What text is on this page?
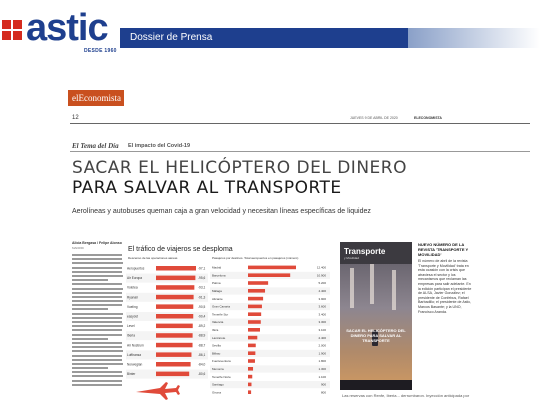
astic
DESDE 1960
Dossier de Prensa
elEconomista
12	JUEVES 9 DE ABRIL DE 2020	ELECONOMISTA
El Tema del Día El impacto del Covid-19
SACAR EL HELICÓPTERO DEL DINERO
PARA SALVAR AL TRANSPORTE
Aerolíneas y autobuses queman caja a gran velocidad y necesitan líneas específicas de liquidez
Alicia Bergasa / Felipe Alonso
MADRID	El tráfico de viajeros se desploma
Descenso de las operaciones aéreas	Pasajeros por destinos. Total aeropuertos en pasajeros (número)
Aeropuertos	-97,1
Air Europa	-95,6
Volotea	-93,1
Ryanair	-91,3
Vueling	-90,5
easyJet	-90,4
Level	-89,2
Iberia	-88,9
Air Nostrum	-88,7
Lufthansa	-86,1
Norwegian	-84,0
Binter	-80,6
Madrid	12.400
Barcelona	10.900
Palma	5.200
Málaga	4.400
Alicante	3.900
Gran Canaria	3.600
Tenerife Sur	3.400
Valencia	3.300
Ibiza	3.100
Lanzarote	2.400
Sevilla	2.000
Bilbao	1.900
Fuerteventura	1.800
Menorca	1.300
Tenerife Norte	1.100
Santiago	900
Girona	800
Transporte
y Movilidad
SACAR EL HELICÓPTERO DEL DINERO PARA SALVAR AL TRANSPORTE
NUEVO NÚMERO DE LA REVISTA 'TRANSPORTE Y MOVILIDAD'
El número de abril de la revista 'Transporte y Movilidad' trata en esta ocasión con la crisis que atraviesa el sector y los mecanismos que reclaman las empresas para salir adelante. En la edición participan el presidente de ALSA, Javier González; el presidente de Confebus, Rafael Barbadillo; el presidente de Astic, Marcos Basante; y la UNO, Francisco Aranda.
Las reservas con Renfe, Iberia... derrumbaron. Inyección anticipada por
